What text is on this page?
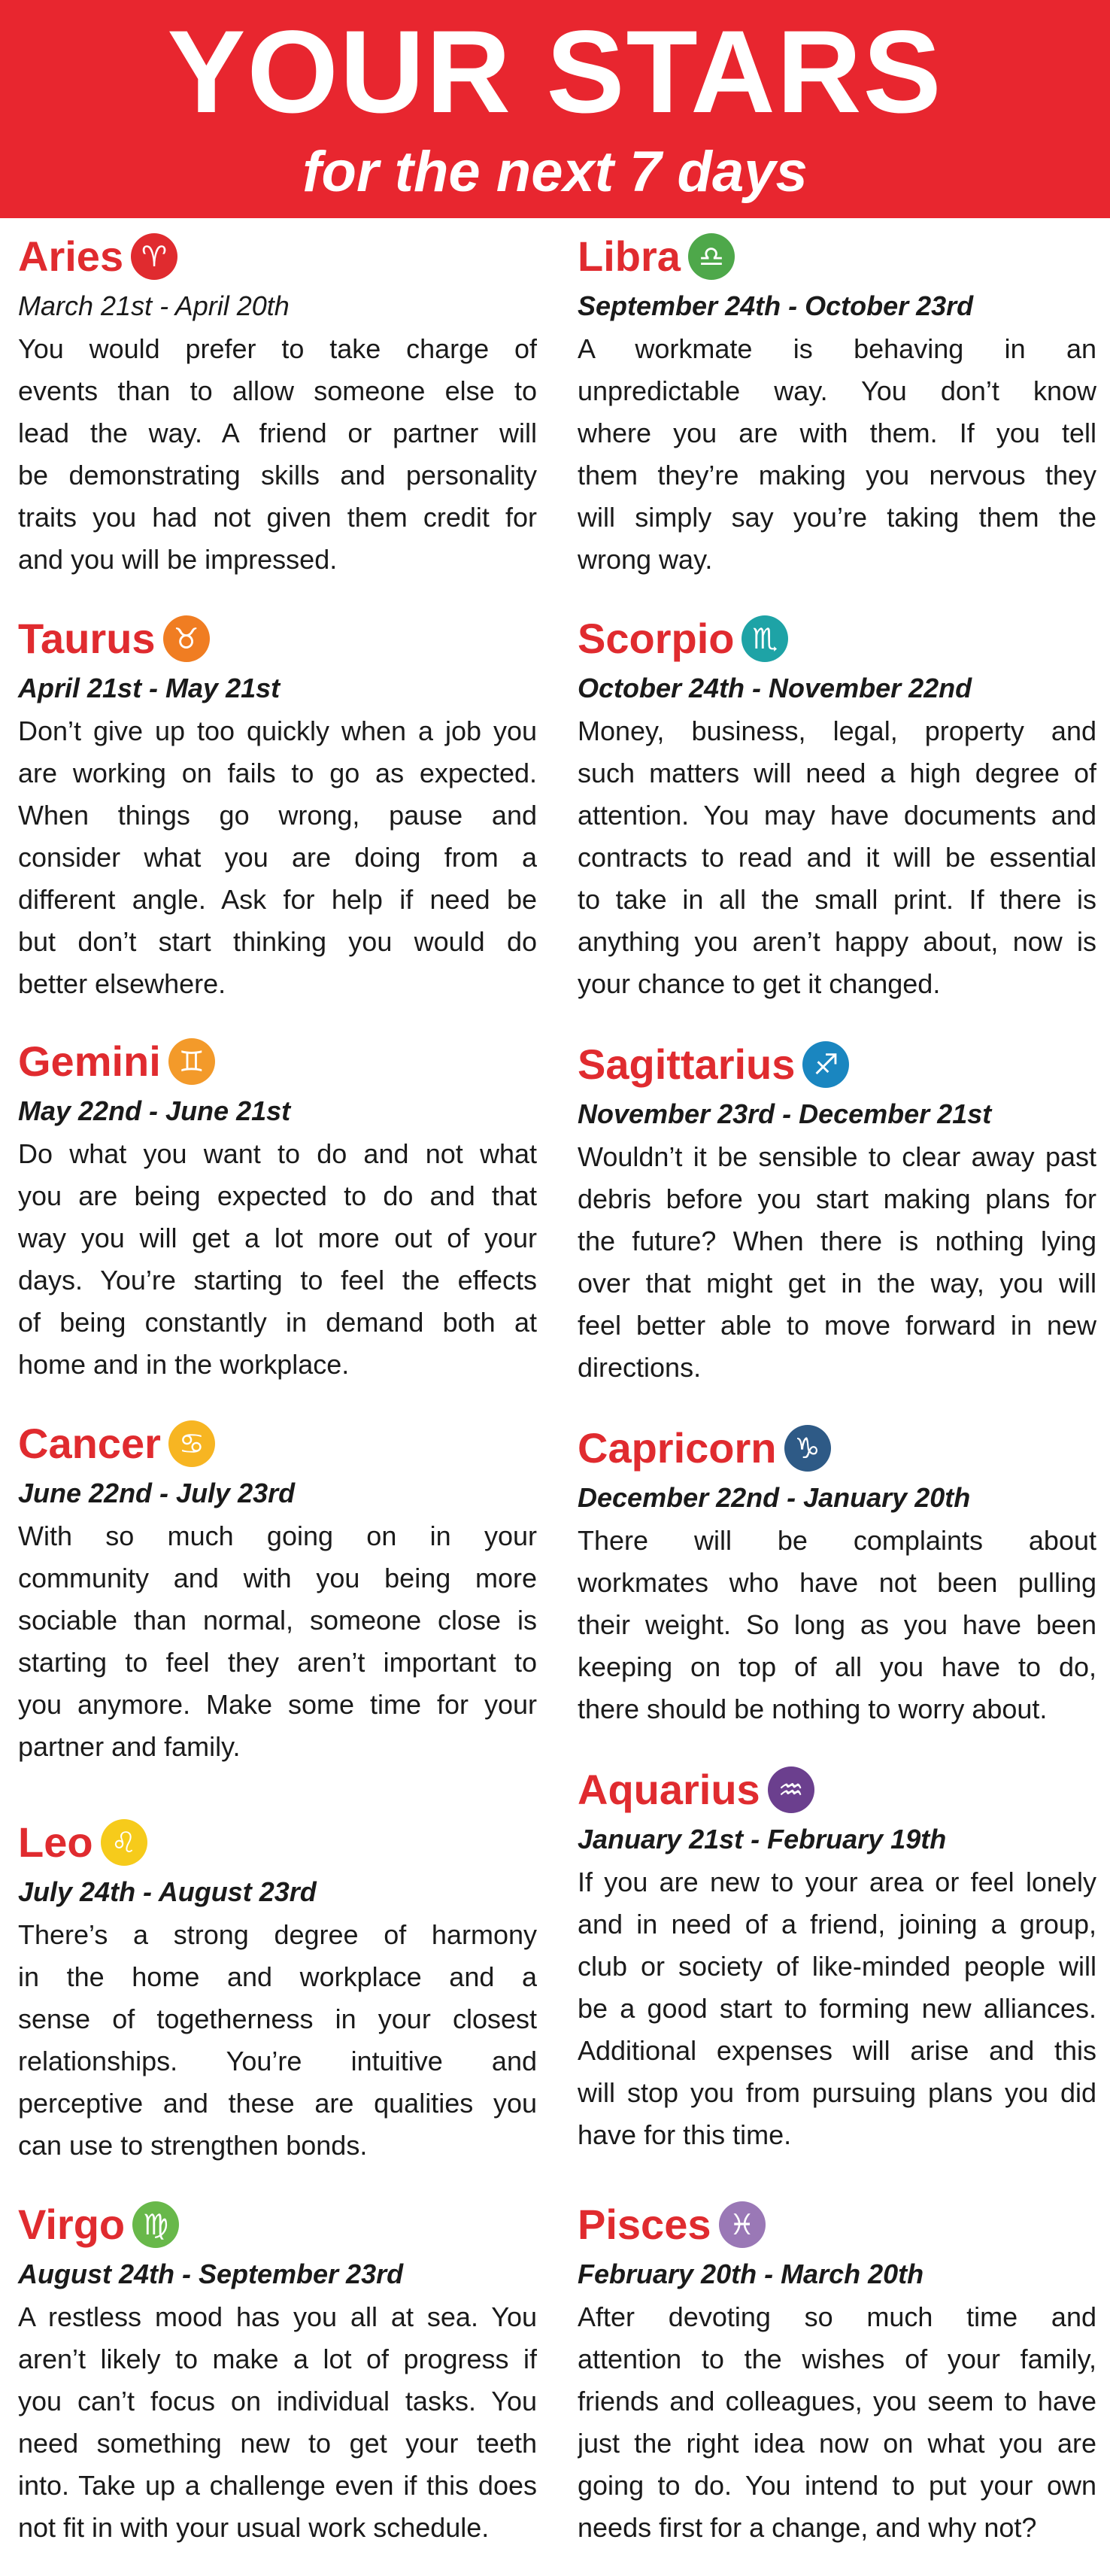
YOUR STARS
for the next 7 days
Aries ♈
March 21st - April 20th
You would prefer to take charge of
events than to allow someone else to
lead the way. A friend or partner will
be demonstrating skills and personality
traits you had not given them credit for
and you will be impressed.
Taurus ♉
April 21st - May 21st
Don’t give up too quickly when a job you
are working on fails to go as expected.
When things go wrong, pause and
consider what you are doing from a
different angle. Ask for help if need be
but don’t start thinking you would do
better elsewhere.
Gemini ♊
May 22nd - June 21st
Do what you want to do and not what
you are being expected to do and that
way you will get a lot more out of your
days. You’re starting to feel the effects
of being constantly in demand both at
home and in the workplace.
Cancer ♋
June 22nd - July 23rd
With so much going on in your
community and with you being more
sociable than normal, someone close is
starting to feel they aren’t important to
you anymore. Make some time for your
partner and family.
Leo ♌
July 24th - August 23rd
There’s a strong degree of harmony
in the home and workplace and a
sense of togetherness in your closest
relationships. You’re intuitive and
perceptive and these are qualities you
can use to strengthen bonds.
Virgo ♍
August 24th - September 23rd
A restless mood has you all at sea. You
aren’t likely to make a lot of progress if
you can’t focus on individual tasks. You
need something new to get your teeth
into. Take up a challenge even if this does
not fit in with your usual work schedule.
Libra ♎
September 24th - October 23rd
A workmate is behaving in an
unpredictable way. You don’t know
where you are with them. If you tell
them they’re making you nervous they
will simply say you’re taking them the
wrong way.
Scorpio ♏
October 24th - November 22nd
Money, business, legal, property and
such matters will need a high degree of
attention. You may have documents and
contracts to read and it will be essential
to take in all the small print. If there is
anything you aren’t happy about, now is
your chance to get it changed.
Sagittarius ♐
November 23rd - December 21st
Wouldn’t it be sensible to clear away past
debris before you start making plans for
the future? When there is nothing lying
over that might get in the way, you will
feel better able to move forward in new
directions.
Capricorn ♑
December 22nd - January 20th
There will be complaints about
workmates who have not been pulling
their weight. So long as you have been
keeping on top of all you have to do,
there should be nothing to worry about.
Aquarius ♒
January 21st - February 19th
If you are new to your area or feel lonely
and in need of a friend, joining a group,
club or society of like-minded people will
be a good start to forming new alliances.
Additional expenses will arise and this
will stop you from pursuing plans you did
have for this time.
Pisces ♓
February 20th - March 20th
After devoting so much time and
attention to the wishes of your family,
friends and colleagues, you seem to have
just the right idea now on what you are
going to do. You intend to put your own
needs first for a change, and why not?
